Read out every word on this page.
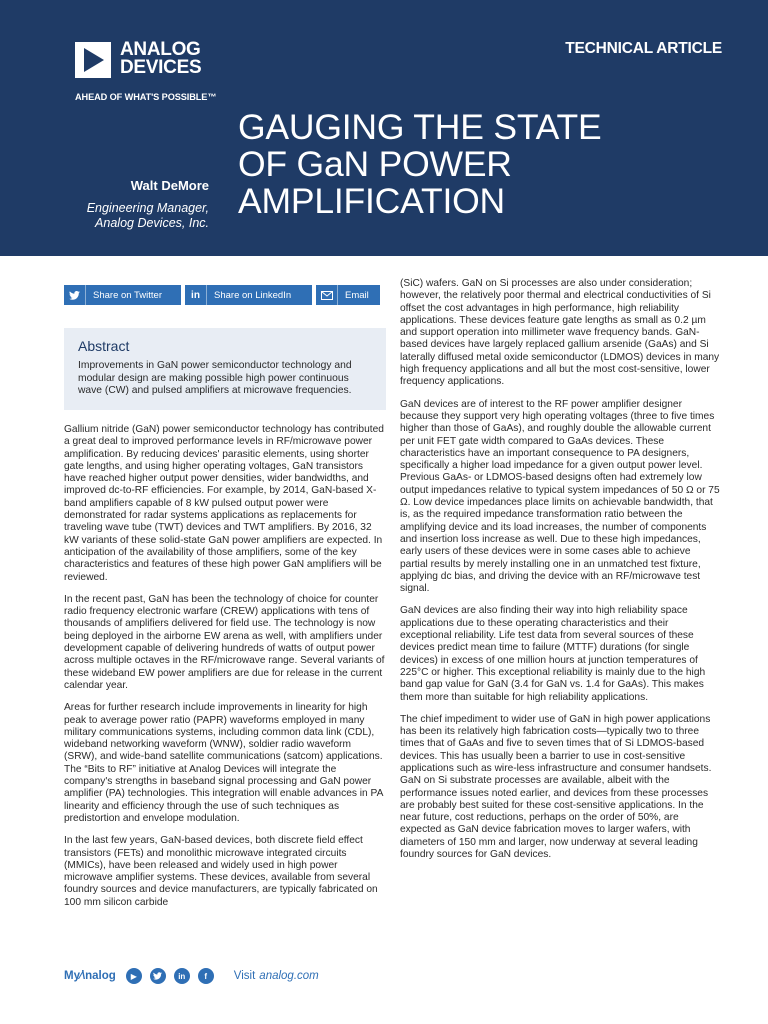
ANALOG
DEVICES
AHEAD OF WHAT'S POSSIBLE™
TECHNICAL ARTICLE
GAUGING THE STATE
OF GaN POWER
AMPLIFICATION
Walt DeMore
Engineering Manager,
Analog Devices, Inc.
Share on Twitter	in	Share on LinkedIn	Email
Abstract
Improvements in GaN power semiconductor technology and modular design are making possible high power continuous wave (CW) and pulsed amplifiers at microwave frequencies.

Gallium nitride (GaN) power semiconductor technology has contributed a great deal to improved performance levels in RF/microwave power amplification. By reducing devices' parasitic elements, using shorter gate lengths, and using higher operating voltages, GaN transistors have reached higher output power densities, wider bandwidths, and improved dc-to-RF efficiencies. For example, by 2014, GaN-based X-band amplifiers capable of 8 kW pulsed output power were demonstrated for radar systems applications as replacements for traveling wave tube (TWT) devices and TWT amplifiers. By 2016, 32 kW variants of these solid-state GaN power amplifiers are expected. In anticipation of the availability of those amplifiers, some of the key characteristics and features of these high power GaN amplifiers will be reviewed.

In the recent past, GaN has been the technology of choice for counter radio frequency electronic warfare (CREW) applications with tens of thousands of amplifiers delivered for field use. The technology is now being deployed in the airborne EW arena as well, with amplifiers under development capable of delivering hundreds of watts of output power across multiple octaves in the RF/microwave range. Several variants of these wideband EW power amplifiers are due for release in the current calendar year.

Areas for further research include improvements in linearity for high peak to average power ratio (PAPR) waveforms employed in many military communications systems, including common data link (CDL), wideband networking waveform (WNW), soldier radio waveform (SRW), and wide-band satellite communications (satcom) applications. The “Bits to RF” initiative at Analog Devices will integrate the company's strengths in baseband signal processing and GaN power amplifier (PA) technologies. This integration will enable advances in PA linearity and efficiency through the use of such techniques as predistortion and envelope modulation.

In the last few years, GaN-based devices, both discrete field effect transistors (FETs) and monolithic microwave integrated circuits (MMICs), have been released and widely used in high power microwave amplifier systems. These devices, available from several foundry sources and device manufacturers, are typically fabricated on 100 mm silicon carbide

(SiC) wafers. GaN on Si processes are also under consideration; however, the relatively poor thermal and electrical conductivities of Si offset the cost advantages in high performance, high reliability applications. These devices feature gate lengths as small as 0.2 µm and support operation into millimeter wave frequency bands. GaN-based devices have largely replaced gallium arsenide (GaAs) and Si laterally diffused metal oxide semiconductor (LDMOS) devices in many high frequency applications and all but the most cost-sensitive, lower frequency applications.

GaN devices are of interest to the RF power amplifier designer because they support very high operating voltages (three to five times higher than those of GaAs), and roughly double the allowable current per unit FET gate width compared to GaAs devices. These characteristics have an important consequence to PA designers, specifically a higher load impedance for a given output power level. Previous GaAs- or LDMOS-based designs often had extremely low output impedances relative to typical system impedances of 50 Ω or 75 Ω. Low device impedances place limits on achievable bandwidth, that is, as the required impedance transformation ratio between the amplifying device and its load increases, the number of components and insertion loss increase as well. Due to these high impedances, early users of these devices were in some cases able to achieve partial results by merely installing one in an unmatched test fixture, applying dc bias, and driving the device with an RF/microwave test signal.

GaN devices are also finding their way into high reliability space applications due to these operating characteristics and their exceptional reliability. Life test data from several sources of these devices predict mean time to failure (MTTF) durations (for single devices) in excess of one million hours at junction temperatures of 225°C or higher. This exceptional reliability is mainly due to the high band gap value for GaN (3.4 for GaN vs. 1.4 for GaAs). This makes them more than suitable for high reliability applications.

The chief impediment to wider use of GaN in high power applications has been its relatively high fabrication costs—typically two to three times that of GaAs and five to seven times that of Si LDMOS-based devices. This has usually been a barrier to use in cost-sensitive applications such as wire-less infrastructure and consumer handsets. GaN on Si substrate processes are available, albeit with the performance issues noted earlier, and devices from these processes are probably best suited for these cost-sensitive applications. In the near future, cost reductions, perhaps on the order of 50%, are expected as GaN device fabrication moves to larger wafers, with diameters of 150 mm and larger, now underway at several leading foundry sources for GaN devices.

My⁄\nalog	▶	in	f	Visit analog.com
